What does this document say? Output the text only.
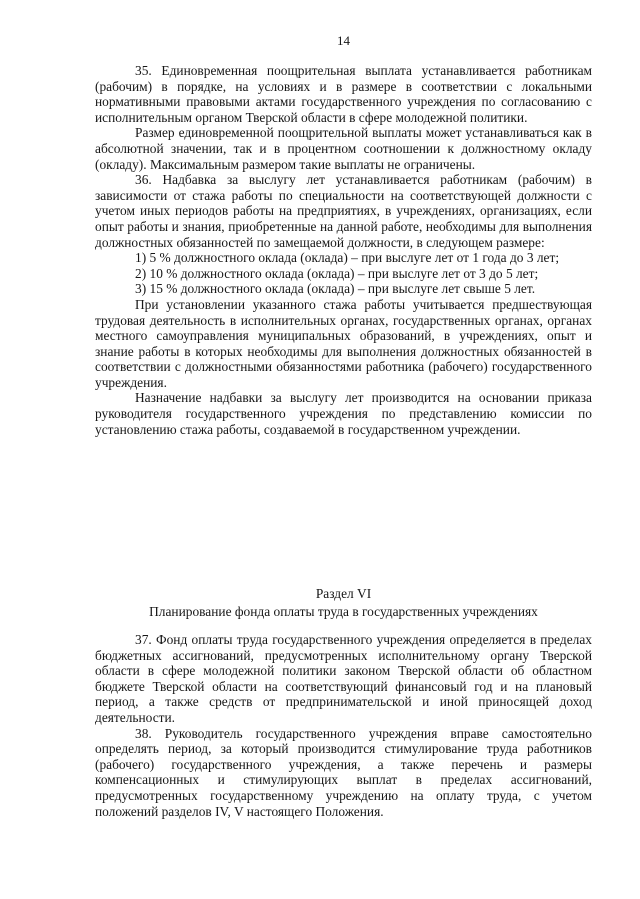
14

35. Единовременная поощрительная выплата устанавливается работникам (рабочим) в порядке, на условиях и в размере в соответствии с локальными нормативными правовыми актами государственного учреждения по согласованию с исполнительным органом Тверской области в сфере молодежной политики.

Размер единовременной поощрительной выплаты может устанавливаться как в абсолютной значении, так и в процентном соотношении к должностному окладу (окладу). Максимальным размером такие выплаты не ограничены.

36. Надбавка за выслугу лет устанавливается работникам (рабочим) в зависимости от стажа работы по специальности на соответствующей должности с учетом иных периодов работы на предприятиях, в учреждениях, организациях, если опыт работы и знания, приобретенные на данной работе, необходимы для выполнения должностных обязанностей по замещаемой должности, в следующем размере:

1) 5 % должностного оклада (оклада) – при выслуге лет от 1 года до 3 лет;

2) 10 % должностного оклада (оклада) – при выслуге лет от 3 до 5 лет;

3) 15 % должностного оклада (оклада) – при выслуге лет свыше 5 лет.

При установлении указанного стажа работы учитывается предшествующая трудовая деятельность в исполнительных органах, государственных органах, органах местного самоуправления муниципальных образований, в учреждениях, опыт и знание работы в которых необходимы для выполнения должностных обязанностей в соответствии с должностными обязанностями работника (рабочего) государственного учреждения.

Назначение надбавки за выслугу лет производится на основании приказа руководителя государственного учреждения по представлению комиссии по установлению стажа работы, создаваемой в государственном учреждении.

Раздел VI
Планирование фонда оплаты труда в государственных учреждениях

37. Фонд оплаты труда государственного учреждения определяется в пределах бюджетных ассигнований, предусмотренных исполнительному органу Тверской области в сфере молодежной политики законом Тверской области об областном бюджете Тверской области на соответствующий финансовый год и на плановый период, а также средств от предпринимательской и иной приносящей доход деятельности.

38. Руководитель государственного учреждения вправе самостоятельно определять период, за который производится стимулирование труда работников (рабочего) государственного учреждения, а также перечень и размеры компенсационных и стимулирующих выплат в пределах ассигнований, предусмотренных государственному учреждению на оплату труда, с учетом положений разделов IV, V настоящего Положения.
